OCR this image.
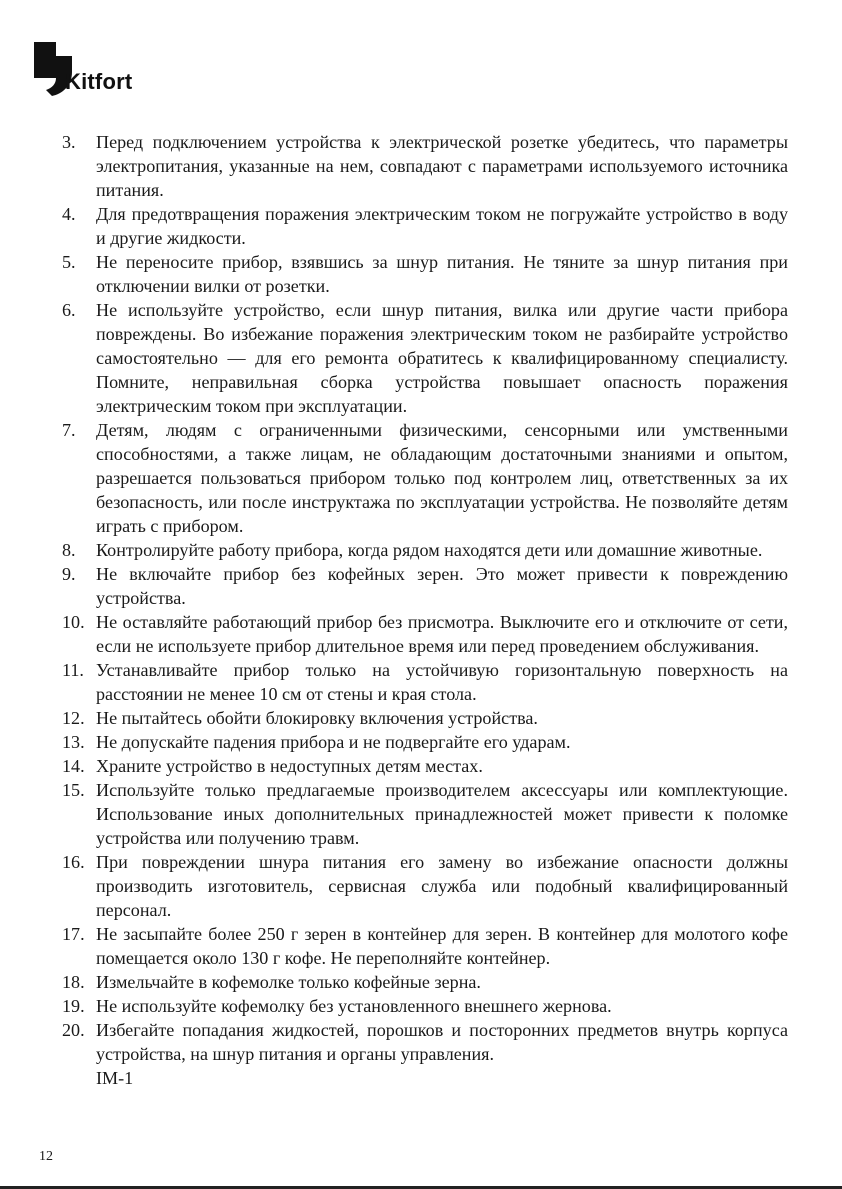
Kitfort
3. Перед подключением устройства к электрической розетке убедитесь, что параметры электропитания, указанные на нем, совпадают с параметрами используемого источника питания.
4. Для предотвращения поражения электрическим током не погружайте устройство в воду и другие жидкости.
5. Не переносите прибор, взявшись за шнур питания. Не тяните за шнур питания при отключении вилки от розетки.
6. Не используйте устройство, если шнур питания, вилка или другие части прибора повреждены. Во избежание поражения электрическим током не разбирайте устройство самостоятельно — для его ремонта обратитесь к квалифицированному специалисту. Помните, неправильная сборка устройства повышает опасность поражения электрическим током при эксплуатации.
7. Детям, людям с ограниченными физическими, сенсорными или умственными способностями, а также лицам, не обладающим достаточными знаниями и опытом, разрешается пользоваться прибором только под контролем лиц, ответственных за их безопасность, или после инструктажа по эксплуатации устройства. Не позволяйте детям играть с прибором.
8. Контролируйте работу прибора, когда рядом находятся дети или домашние животные.
9. Не включайте прибор без кофейных зерен. Это может привести к повреждению устройства.
10. Не оставляйте работающий прибор без присмотра. Выключите его и отключите от сети, если не используете прибор длительное время или перед проведением обслуживания.
11. Устанавливайте прибор только на устойчивую горизонтальную поверхность на расстоянии не менее 10 см от стены и края стола.
12. Не пытайтесь обойти блокировку включения устройства.
13. Не допускайте падения прибора и не подвергайте его ударам.
14. Храните устройство в недоступных детям местах.
15. Используйте только предлагаемые производителем аксессуары или комплектующие. Использование иных дополнительных принадлежностей может привести к поломке устройства или получению травм.
16. При повреждении шнура питания его замену во избежание опасности должны производить изготовитель, сервисная служба или подобный квалифицированный персонал.
17. Не засыпайте более 250 г зерен в контейнер для зерен. В контейнер для молотого кофе помещается около 130 г кофе. Не переполняйте контейнер.
18. Измельчайте в кофемолке только кофейные зерна.
19. Не используйте кофемолку без установленного внешнего жернова.
20. Избегайте попадания жидкостей, порошков и посторонних предметов внутрь корпуса устройства, на шнур питания и органы управления.
IM-1
12
